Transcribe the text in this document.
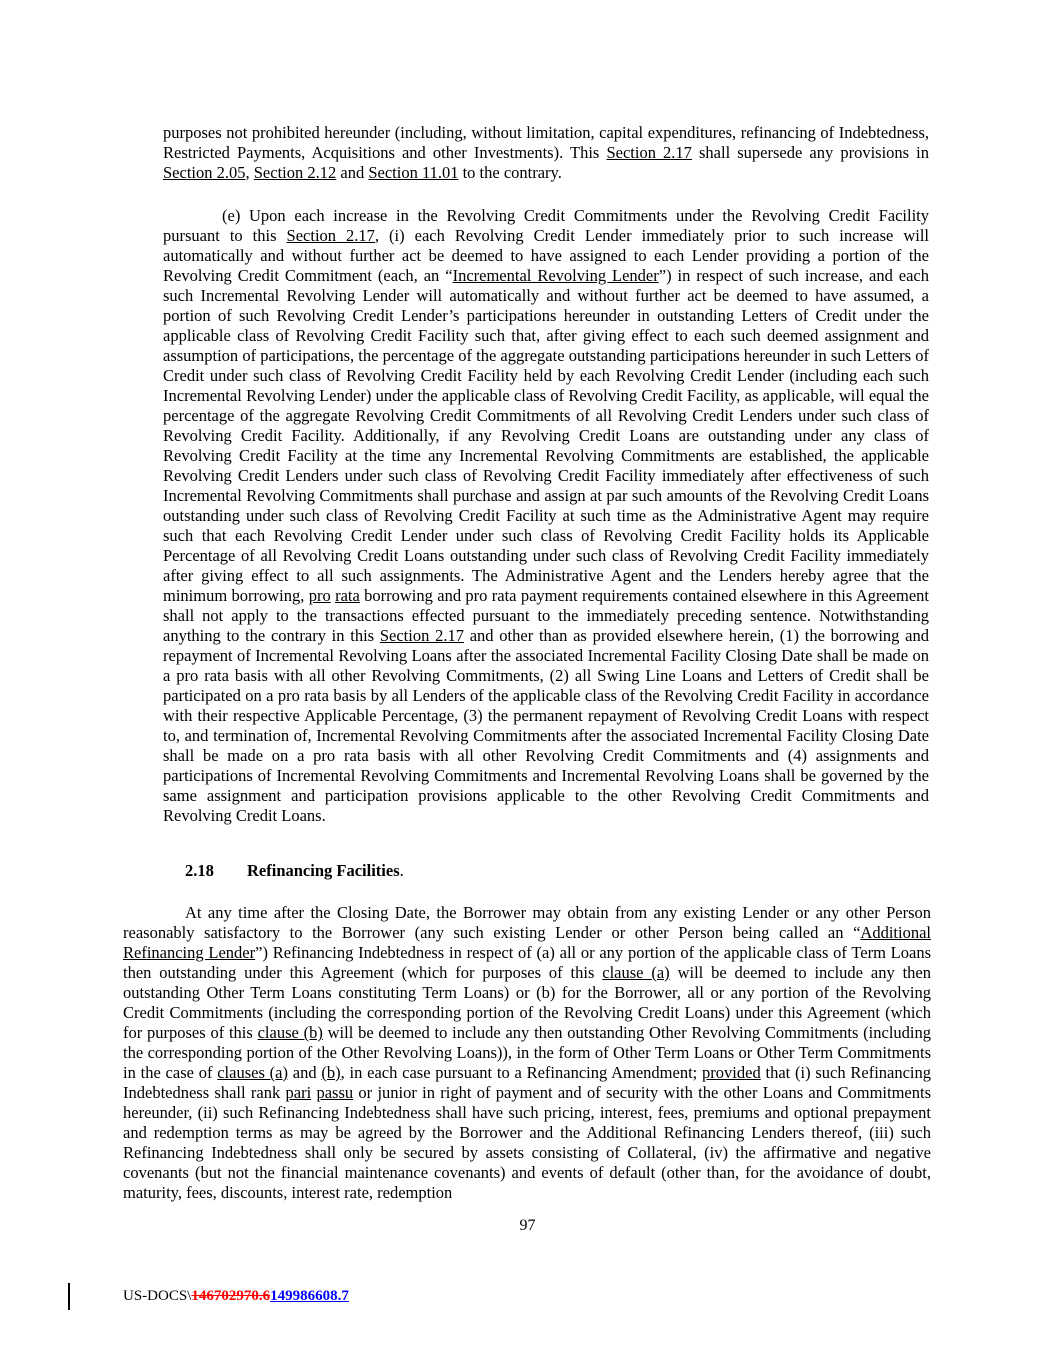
purposes not prohibited hereunder (including, without limitation, capital expenditures, refinancing of Indebtedness, Restricted Payments, Acquisitions and other Investments). This Section 2.17 shall supersede any provisions in Section 2.05, Section 2.12 and Section 11.01 to the contrary.

(e) Upon each increase in the Revolving Credit Commitments under the Revolving Credit Facility pursuant to this Section 2.17, (i) each Revolving Credit Lender immediately prior to such increase will automatically and without further act be deemed to have assigned to each Lender providing a portion of the Revolving Credit Commitment (each, an “Incremental Revolving Lender”) in respect of such increase, and each such Incremental Revolving Lender will automatically and without further act be deemed to have assumed, a portion of such Revolving Credit Lender’s participations hereunder in outstanding Letters of Credit under the applicable class of Revolving Credit Facility such that, after giving effect to each such deemed assignment and assumption of participations, the percentage of the aggregate outstanding participations hereunder in such Letters of Credit under such class of Revolving Credit Facility held by each Revolving Credit Lender (including each such Incremental Revolving Lender) under the applicable class of Revolving Credit Facility, as applicable, will equal the percentage of the aggregate Revolving Credit Commitments of all Revolving Credit Lenders under such class of Revolving Credit Facility. Additionally, if any Revolving Credit Loans are outstanding under any class of Revolving Credit Facility at the time any Incremental Revolving Commitments are established, the applicable Revolving Credit Lenders under such class of Revolving Credit Facility immediately after effectiveness of such Incremental Revolving Commitments shall purchase and assign at par such amounts of the Revolving Credit Loans outstanding under such class of Revolving Credit Facility at such time as the Administrative Agent may require such that each Revolving Credit Lender under such class of Revolving Credit Facility holds its Applicable Percentage of all Revolving Credit Loans outstanding under such class of Revolving Credit Facility immediately after giving effect to all such assignments. The Administrative Agent and the Lenders hereby agree that the minimum borrowing, pro rata borrowing and pro rata payment requirements contained elsewhere in this Agreement shall not apply to the transactions effected pursuant to the immediately preceding sentence. Notwithstanding anything to the contrary in this Section 2.17 and other than as provided elsewhere herein, (1) the borrowing and repayment of Incremental Revolving Loans after the associated Incremental Facility Closing Date shall be made on a pro rata basis with all other Revolving Commitments, (2) all Swing Line Loans and Letters of Credit shall be participated on a pro rata basis by all Lenders of the applicable class of the Revolving Credit Facility in accordance with their respective Applicable Percentage, (3) the permanent repayment of Revolving Credit Loans with respect to, and termination of, Incremental Revolving Commitments after the associated Incremental Facility Closing Date shall be made on a pro rata basis with all other Revolving Credit Commitments and (4) assignments and participations of Incremental Revolving Commitments and Incremental Revolving Loans shall be governed by the same assignment and participation provisions applicable to the other Revolving Credit Commitments and Revolving Credit Loans.

2.18 Refinancing Facilities.

At any time after the Closing Date, the Borrower may obtain from any existing Lender or any other Person reasonably satisfactory to the Borrower (any such existing Lender or other Person being called an “Additional Refinancing Lender”) Refinancing Indebtedness in respect of (a) all or any portion of the applicable class of Term Loans then outstanding under this Agreement (which for purposes of this clause (a) will be deemed to include any then outstanding Other Term Loans constituting Term Loans) or (b) for the Borrower, all or any portion of the Revolving Credit Commitments (including the corresponding portion of the Revolving Credit Loans) under this Agreement (which for purposes of this clause (b) will be deemed to include any then outstanding Other Revolving Commitments (including the corresponding portion of the Other Revolving Loans)), in the form of Other Term Loans or Other Term Commitments in the case of clauses (a) and (b), in each case pursuant to a Refinancing Amendment; provided that (i) such Refinancing Indebtedness shall rank pari passu or junior in right of payment and of security with the other Loans and Commitments hereunder, (ii) such Refinancing Indebtedness shall have such pricing, interest, fees, premiums and optional prepayment and redemption terms as may be agreed by the Borrower and the Additional Refinancing Lenders thereof, (iii) such Refinancing Indebtedness shall only be secured by assets consisting of Collateral, (iv) the affirmative and negative covenants (but not the financial maintenance covenants) and events of default (other than, for the avoidance of doubt, maturity, fees, discounts, interest rate, redemption

97
US-DOCS\146702970.6149986608.7
